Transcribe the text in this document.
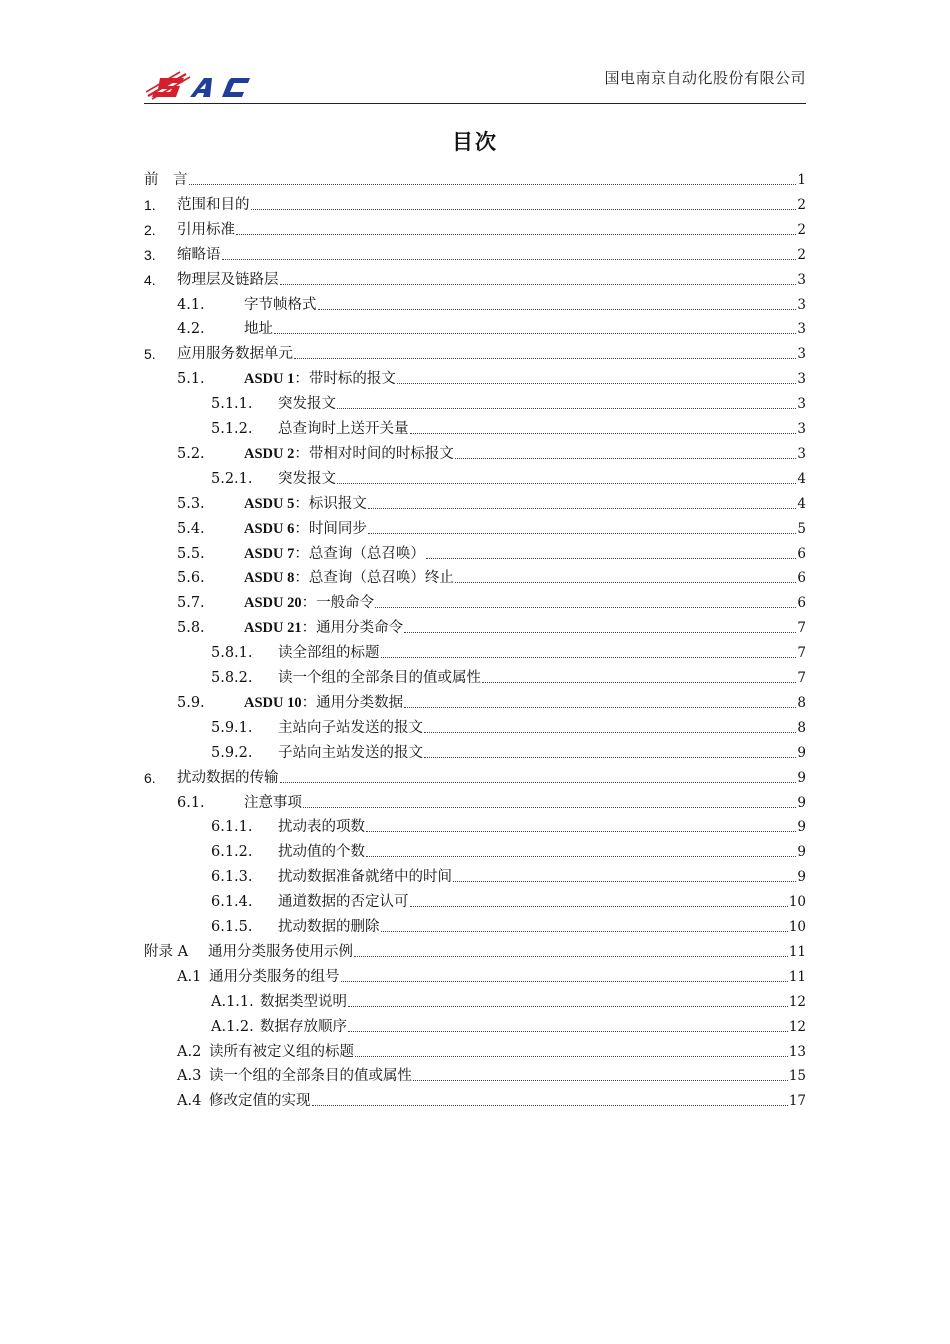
国电南京自动化股份有限公司
目次
前　言	1
1.	范围和目的	2
2.	引用标准	2
3.	缩略语	2
4.	物理层及链路层	3
4.1.	字节帧格式	3
4.2.	地址	3
5.	应用服务数据单元	3
5.1.	ASDU 1：带时标的报文	3
5.1.1.	突发报文	3
5.1.2.	总查询时上送开关量	3
5.2.	ASDU 2：带相对时间的时标报文	3
5.2.1.	突发报文	4
5.3.	ASDU 5：标识报文	4
5.4.	ASDU 6：时间同步	5
5.5.	ASDU 7：总查询（总召唤）	6
5.6.	ASDU 8：总查询（总召唤）终止	6
5.7.	ASDU 20：一般命令	6
5.8.	ASDU 21：通用分类命令	7
5.8.1.	读全部组的标题	7
5.8.2.	读一个组的全部条目的值或属性	7
5.9.	ASDU 10：通用分类数据	8
5.9.1.	主站向子站发送的报文	8
5.9.2.	子站向主站发送的报文	9
6.	扰动数据的传输	9
6.1.	注意事项	9
6.1.1.	扰动表的项数	9
6.1.2.	扰动值的个数	9
6.1.3.	扰动数据准备就绪中的时间	9
6.1.4.	通道数据的否定认可	10
6.1.5.	扰动数据的删除	10
附录 A	通用分类服务使用示例	11
A.1 通用分类服务的组号	11
A.1.1. 数据类型说明	12
A.1.2. 数据存放顺序	12
A.2 读所有被定义组的标题	13
A.3 读一个组的全部条目的值或属性	15
A.4 修改定值的实现	17
